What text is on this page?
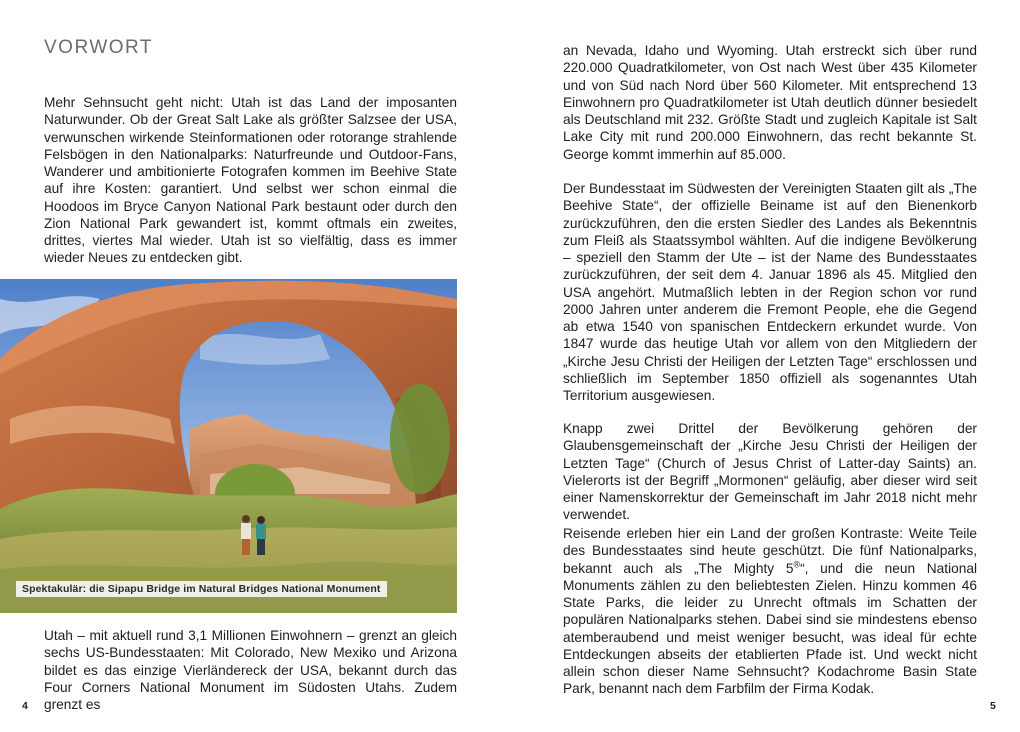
VORWORT

Mehr Sehnsucht geht nicht: Utah ist das Land der imposanten Naturwunder. Ob der Great Salt Lake als größter Salzsee der USA, verwunschen wirkende Steinformationen oder rotorange strahlende Felsbögen in den Nationalparks: Naturfreunde und Outdoor-Fans, Wanderer und ambitionierte Fotografen kommen im Beehive State auf ihre Kosten: garantiert. Und selbst wer schon einmal die Hoodoos im Bryce Canyon National Park bestaunt oder durch den Zion National Park gewandert ist, kommt oftmals ein zweites, drittes, viertes Mal wieder. Utah ist so vielfältig, dass es immer wieder Neues zu entdecken gibt.

Spektakulär: die Sipapu Bridge im Natural Bridges National Monument

Utah – mit aktuell rund 3,1 Millionen Einwohnern – grenzt an gleich sechs US-Bundesstaaten: Mit Colorado, New Mexiko und Arizona bildet es das einzige Vierländereck der USA, bekannt durch das Four Corners National Monument im Südosten Utahs. Zudem grenzt es

4

an Nevada, Idaho und Wyoming. Utah erstreckt sich über rund 220.000 Quadratkilometer, von Ost nach West über 435 Kilometer und von Süd nach Nord über 560 Kilometer. Mit entsprechend 13 Einwohnern pro Quadratkilometer ist Utah deutlich dünner besiedelt als Deutschland mit 232. Größte Stadt und zugleich Kapitale ist Salt Lake City mit rund 200.000 Einwohnern, das recht bekannte St. George kommt immerhin auf 85.000.

Der Bundesstaat im Südwesten der Vereinigten Staaten gilt als „The Beehive State“, der offizielle Beiname ist auf den Bienenkorb zurückzuführen, den die ersten Siedler des Landes als Bekenntnis zum Fleiß als Staatssymbol wählten. Auf die indigene Bevölkerung – speziell den Stamm der Ute – ist der Name des Bundesstaates zurückzuführen, der seit dem 4. Januar 1896 als 45. Mitglied den USA angehört. Mutmaßlich lebten in der Region schon vor rund 2000 Jahren unter anderem die Fremont People, ehe die Gegend ab etwa 1540 von spanischen Entdeckern erkundet wurde. Von 1847 wurde das heutige Utah vor allem von den Mitgliedern der „Kirche Jesu Christi der Heiligen der Letzten Tage“ erschlossen und schließlich im September 1850 offiziell als sogenanntes Utah Territorium ausgewiesen.

Knapp zwei Drittel der Bevölkerung gehören der Glaubensgemeinschaft der „Kirche Jesu Christi der Heiligen der Letzten Tage“ (Church of Jesus Christ of Latter-day Saints) an. Vielerorts ist der Begriff „Mormonen“ geläufig, aber dieser wird seit einer Namenskorrektur der Gemeinschaft im Jahr 2018 nicht mehr verwendet.

Reisende erleben hier ein Land der großen Kontraste: Weite Teile des Bundesstaates sind heute geschützt. Die fünf Nationalparks, bekannt auch als „The Mighty 5®“, und die neun National Monuments zählen zu den beliebtesten Zielen. Hinzu kommen 46 State Parks, die leider zu Unrecht oftmals im Schatten der populären Nationalparks stehen. Dabei sind sie mindestens ebenso atemberaubend und meist weniger besucht, was ideal für echte Entdeckungen abseits der etablierten Pfade ist. Und weckt nicht allein schon dieser Name Sehnsucht? Kodachrome Basin State Park, benannt nach dem Farbfilm der Firma Kodak.

5
